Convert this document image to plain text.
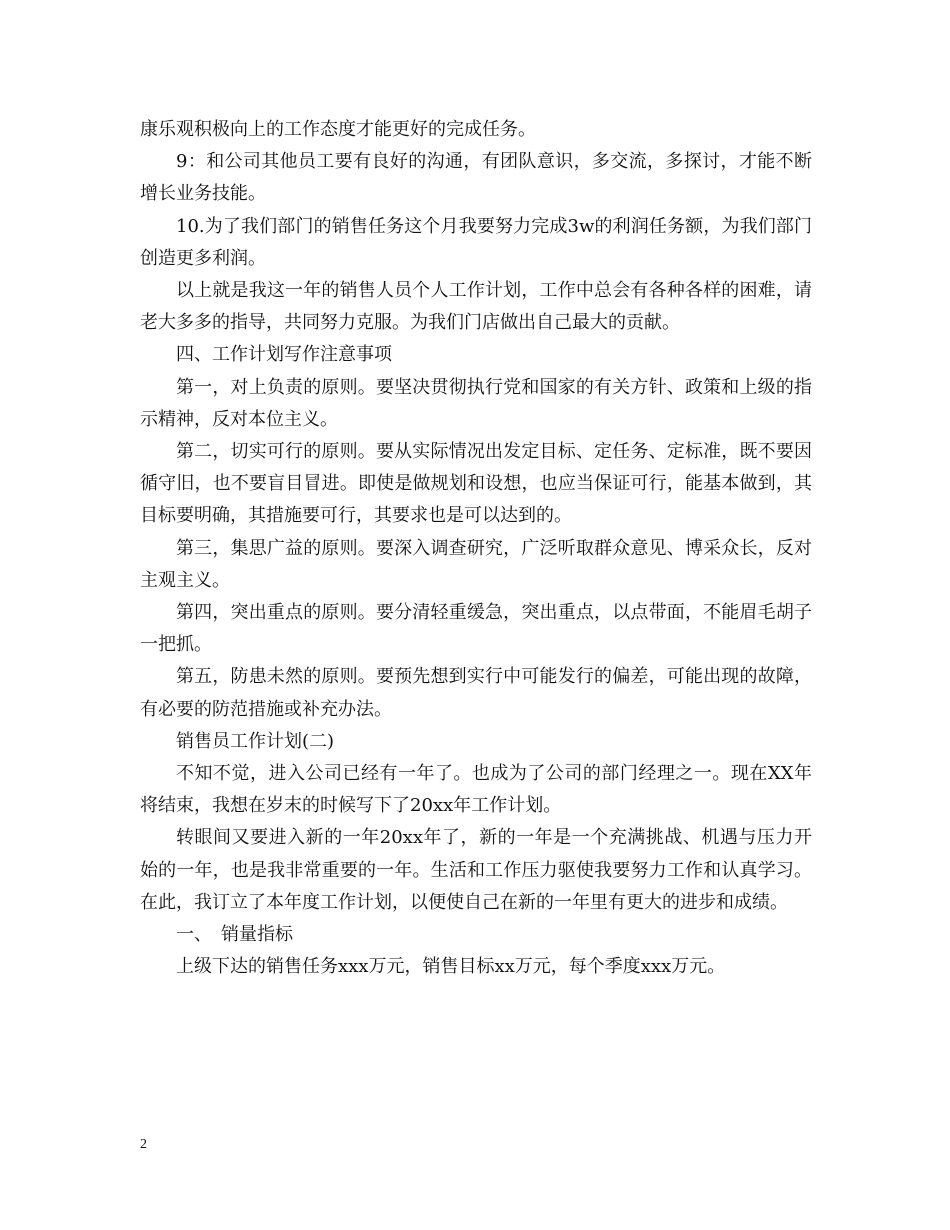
康乐观积极向上的工作态度才能更好的完成任务。

9：和公司其他员工要有良好的沟通，有团队意识，多交流，多探讨，才能不断增长业务技能。

10.为了我们部门的销售任务这个月我要努力完成3w的利润任务额，为我们部门创造更多利润。

以上就是我这一年的销售人员个人工作计划，工作中总会有各种各样的困难，请老大多多的指导，共同努力克服。为我们门店做出自己最大的贡献。

四、工作计划写作注意事项

第一，对上负责的原则。要坚决贯彻执行党和国家的有关方针、政策和上级的指示精神，反对本位主义。

第二，切实可行的原则。要从实际情况出发定目标、定任务、定标准，既不要因循守旧，也不要盲目冒进。即使是做规划和设想，也应当保证可行，能基本做到，其目标要明确，其措施要可行，其要求也是可以达到的。

第三，集思广益的原则。要深入调查研究，广泛听取群众意见、博采众长，反对主观主义。

第四，突出重点的原则。要分清轻重缓急，突出重点，以点带面，不能眉毛胡子一把抓。

第五，防患未然的原则。要预先想到实行中可能发行的偏差，可能出现的故障，有必要的防范措施或补充办法。

销售员工作计划(二)

不知不觉，进入公司已经有一年了。也成为了公司的部门经理之一。现在XX年将结束，我想在岁末的时候写下了20xx年工作计划。

转眼间又要进入新的一年20xx年了，新的一年是一个充满挑战、机遇与压力开始的一年，也是我非常重要的一年。生活和工作压力驱使我要努力工作和认真学习。在此，我订立了本年度工作计划，以便使自己在新的一年里有更大的进步和成绩。

一、　销量指标

上级下达的销售任务xxx万元，销售目标xx万元，每个季度xxx万元。

2
